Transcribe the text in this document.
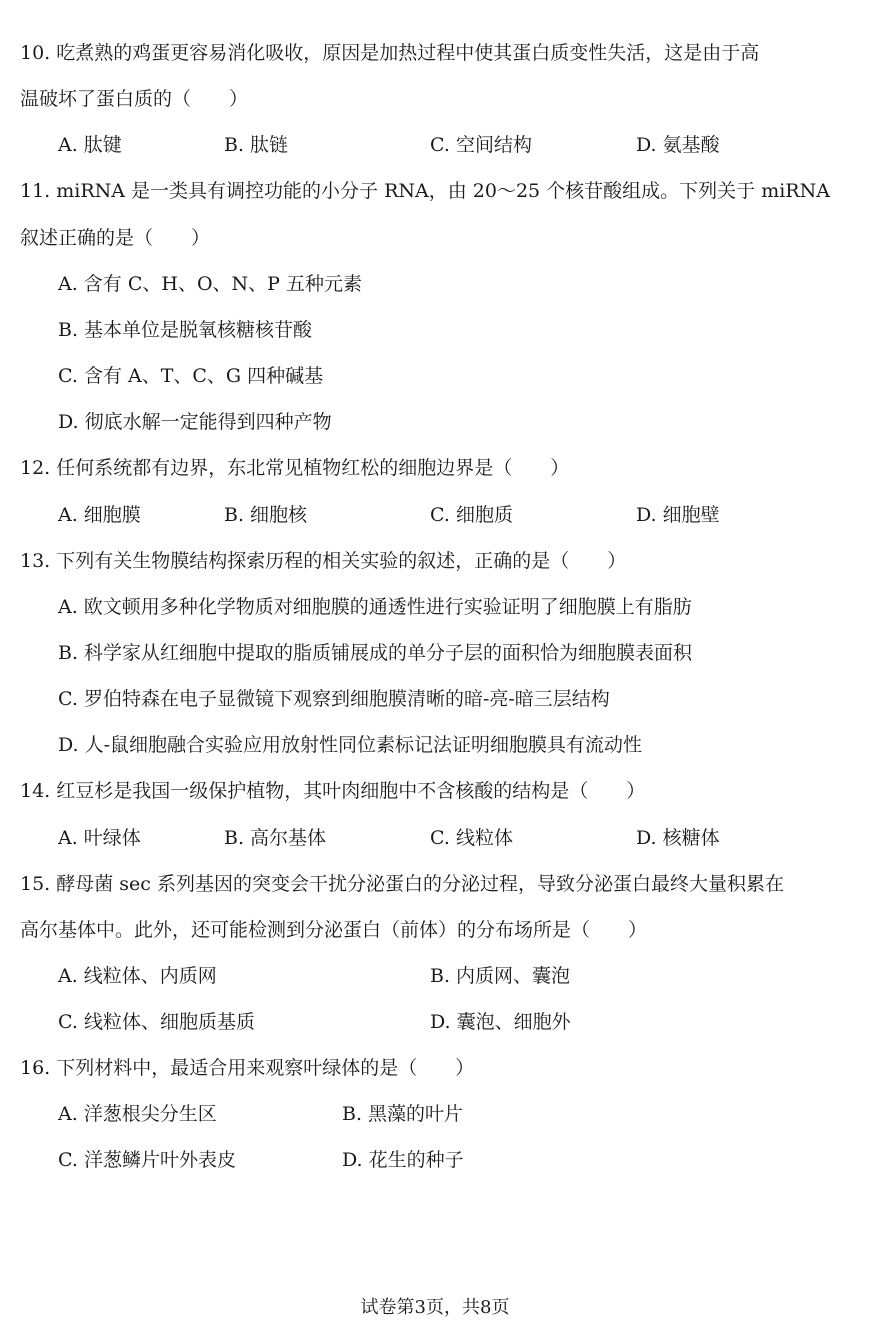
10. 吃煮熟的鸡蛋更容易消化吸收，原因是加热过程中使其蛋白质变性失活，这是由于高
温破坏了蛋白质的（　　）
A. 肽键	B. 肽链	C. 空间结构	D. 氨基酸
11. miRNA 是一类具有调控功能的小分子 RNA，由 20～25 个核苷酸组成。下列关于 miRNA
叙述正确的是（　　）
A. 含有 C、H、O、N、P 五种元素
B. 基本单位是脱氧核糖核苷酸
C. 含有 A、T、C、G 四种碱基
D. 彻底水解一定能得到四种产物
12. 任何系统都有边界，东北常见植物红松的细胞边界是（　　）
A. 细胞膜	B. 细胞核	C. 细胞质	D. 细胞壁
13. 下列有关生物膜结构探索历程的相关实验的叙述，正确的是（　　）
A. 欧文顿用多种化学物质对细胞膜的通透性进行实验证明了细胞膜上有脂肪
B. 科学家从红细胞中提取的脂质铺展成的单分子层的面积恰为细胞膜表面积
C. 罗伯特森在电子显微镜下观察到细胞膜清晰的暗-亮-暗三层结构
D. 人-鼠细胞融合实验应用放射性同位素标记法证明细胞膜具有流动性
14. 红豆杉是我国一级保护植物，其叶肉细胞中不含核酸的结构是（　　）
A. 叶绿体	B. 高尔基体	C. 线粒体	D. 核糖体
15. 酵母菌 sec 系列基因的突变会干扰分泌蛋白的分泌过程，导致分泌蛋白最终大量积累在
高尔基体中。此外，还可能检测到分泌蛋白（前体）的分布场所是（　　）
A. 线粒体、内质网	B. 内质网、囊泡
C. 线粒体、细胞质基质	D. 囊泡、细胞外
16. 下列材料中，最适合用来观察叶绿体的是（　　）
A. 洋葱根尖分生区	B. 黑藻的叶片
C. 洋葱鳞片叶外表皮	D. 花生的种子
试卷第3页，共8页
